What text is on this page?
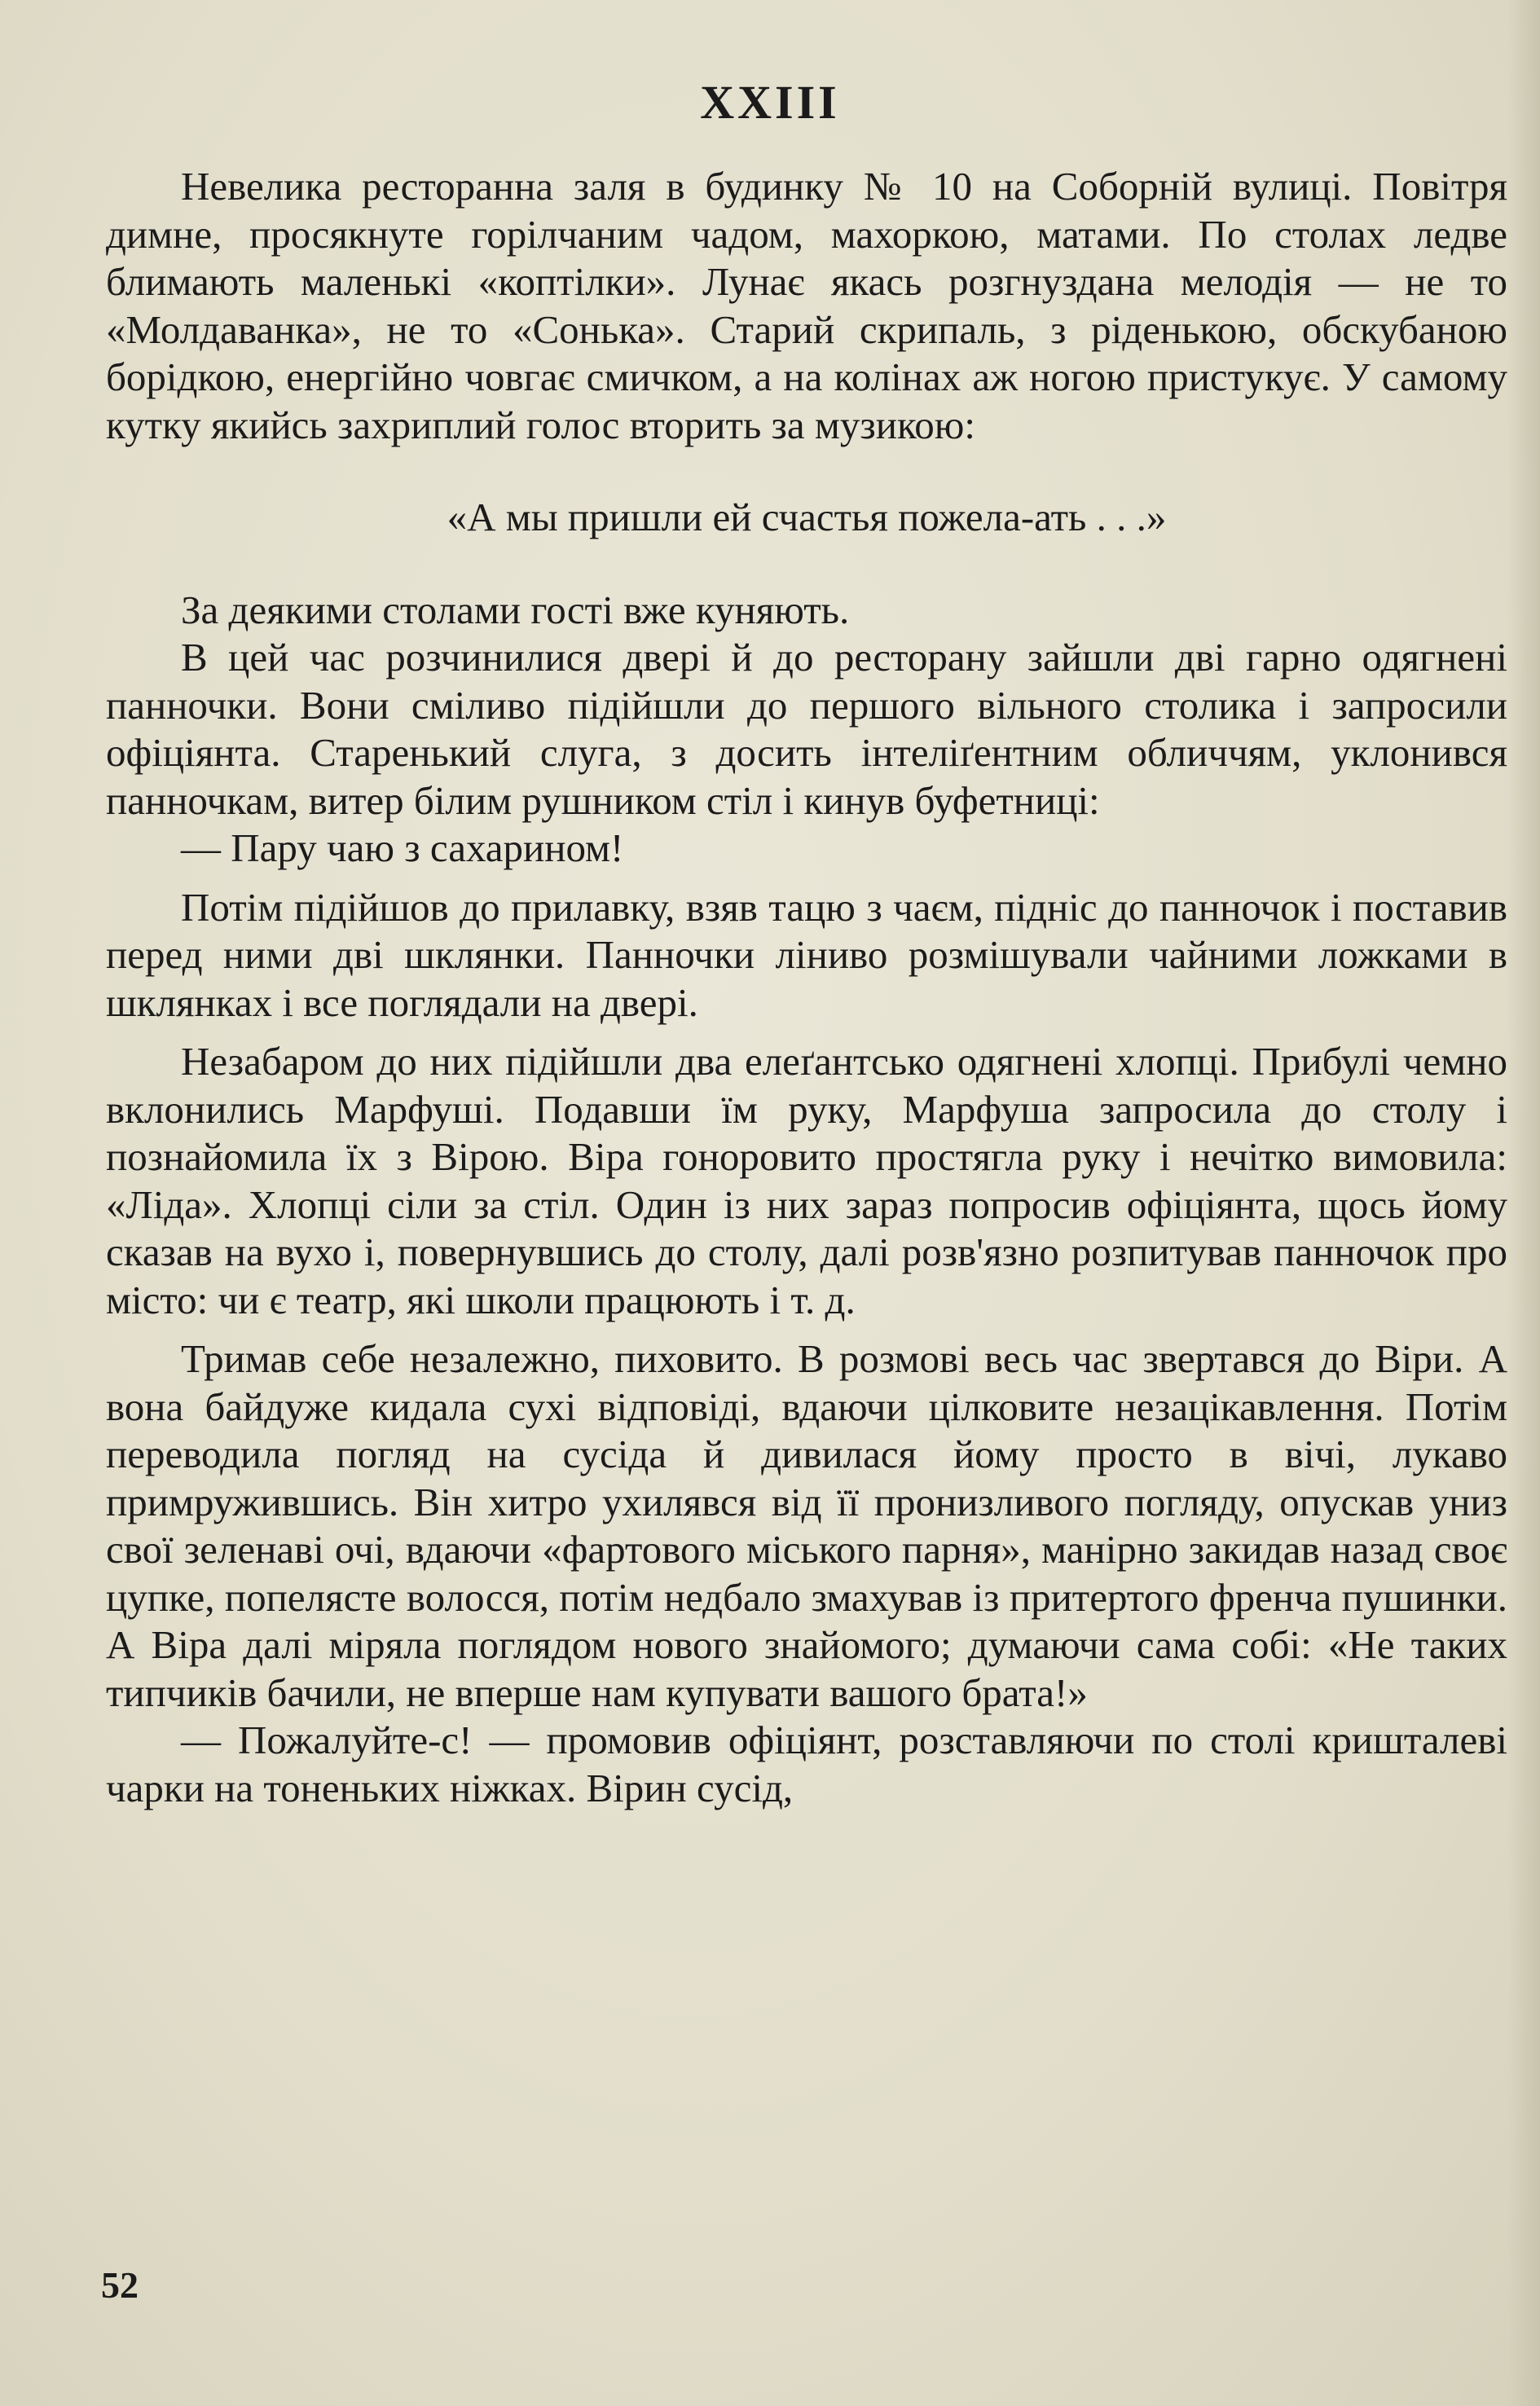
XXIII

Невелика ресторанна заля в будинку № 10 на Соборній вулиці. Повітря димне, просякнуте горілчаним чадом, махоркою, матами. По столах ледве блимають маленькі «коптілки». Лунає якась розгнуздана мелодія — не то «Молдаванка», не то «Сонька». Старий скрипаль, з ріденькою, обскубаною борідкою, енергійно човгає смичком, а на колінах аж ногою пристукує. У самому кутку якийсь захриплий голос вторить за музикою:

«А мы пришли ей счастья пожела-ать . . .»

За деякими столами гості вже куняють.

В цей час розчинилися двері й до ресторану зайшли дві гарно одягнені панночки. Вони сміливо підійшли до першого вільного столика і запросили офіціянта. Старенький слуга, з досить інтеліґентним обличчям, уклонився панночкам, витер білим рушником стіл і кинув буфетниці:

— Пару чаю з сахарином!

Потім підійшов до прилавку, взяв тацю з чаєм, підніс до панночок і поставив перед ними дві шклянки. Панночки ліниво розмішували чайними ложками в шклянках і все поглядали на двері.

Незабаром до них підійшли два елеґантсько одягнені хлопці. Прибулі чемно вклонились Марфуші. Подавши їм руку, Марфуша запросила до столу і познайомила їх з Вірою. Віра гоноровито простягла руку і нечітко вимовила: «Ліда». Хлопці сіли за стіл. Один із них зараз попросив офіціянта, щось йому сказав на вухо і, повернувшись до столу, далі розв'язно розпитував панночок про місто: чи є театр, які школи працюють і т. д.

Тримав себе незалежно, пиховито. В розмові весь час звертався до Віри. А вона байдуже кидала сухі відповіді, вдаючи цілковите незацікавлення. Потім переводила погляд на сусіда й дивилася йому просто в вічі, лукаво примружившись. Він хитро ухилявся від її пронизливого погляду, опускав униз свої зеленаві очі, вдаючи «фартового міського парня», манірно закидав назад своє цупке, попелясте волосся, потім недбало змахував із притертого френча пушинки. А Віра далі міряла поглядом нового знайомого; думаючи сама собі: «Не таких типчиків бачили, не вперше нам купувати вашого брата!»

— Пожалуйте-с! — промовив офіціянт, розставляючи по столі кришталеві чарки на тоненьких ніжках. Вірин сусід,

52
